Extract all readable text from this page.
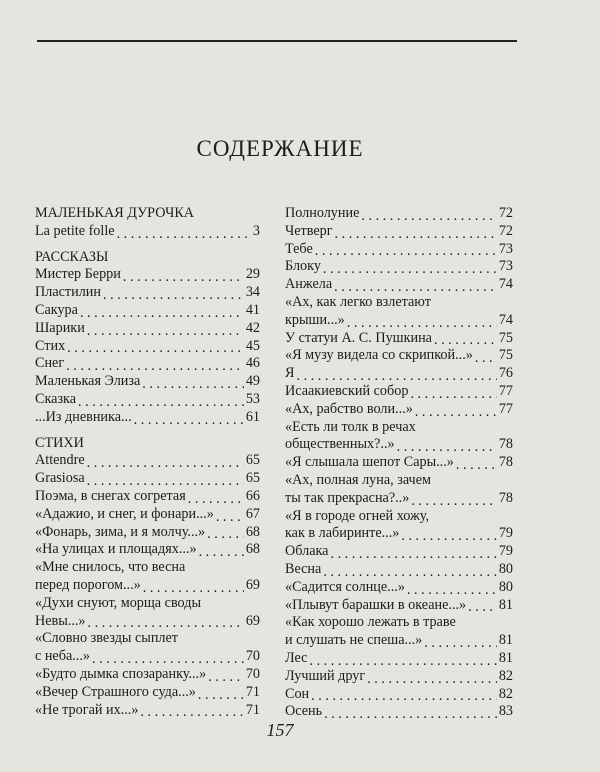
СОДЕРЖАНИЕ
МАЛЕНЬКАЯ ДУРОЧКА
La petite folle . . .	3
РАССКАЗЫ
Мистер Берри . . .	29
Пластилин . . .	34
Сакура . . .	41
Шарики . . .	42
Стих . . .	45
Снег . . .	46
Маленькая Элиза . . .	49
Сказка . . .	53
...Из дневника... . . .	61
СТИХИ
Attendre . . .	65
Grasiosa . . .	65
Поэма, в снегах согретая . . .	66
«Адажио, и снег, и фонари...» . . . 67
«Фонарь, зима, и я молчу...» . . .	68
«На улицах и площадях...» . . .	68
«Мне снилось, что весна
перед порогом...» . . .	69
«Духи снуют, морща своды
Невы...» . . .	69
«Словно звезды сыплет
с неба...» . . .	70
«Будто дымка спозаранку...» . . .	70
«Вечер Страшного суда...» . . .	71
«Не трогай их...» . . .	71
Полнолуние . . .	72
Четверг . . .	72
Тебе . . .	73
Блоку . . .	73
Анжела . . .	74
«Ах, как легко взлетают
крыши...» . . .	74
У статуи А. С. Пушкина . . .	75
«Я музу видела со скрипкой...» . . . 75
Я . . .	76
Исаакиевский собор . . .	77
«Ах, рабство воли...» . . .	77
«Есть ли толк в речах
общественных?..» . . .	78
«Я слышала шепот Сары...» . . .	78
«Ах, полная луна, зачем
ты так прекрасна?..» . . .	78
«Я в городе огней хожу,
как в лабиринте...» . . .	79
Облака . . .	79
Весна . . .	80
«Садится солнце...» . . .	80
«Плывут барашки в океане...» . . . 81
«Как хорошо лежать в траве
и слушать не спеша...» . . .	81
Лес . . .	81
Лучший друг . . .	82
Сон . . .	82
Осень . . .	83
157
